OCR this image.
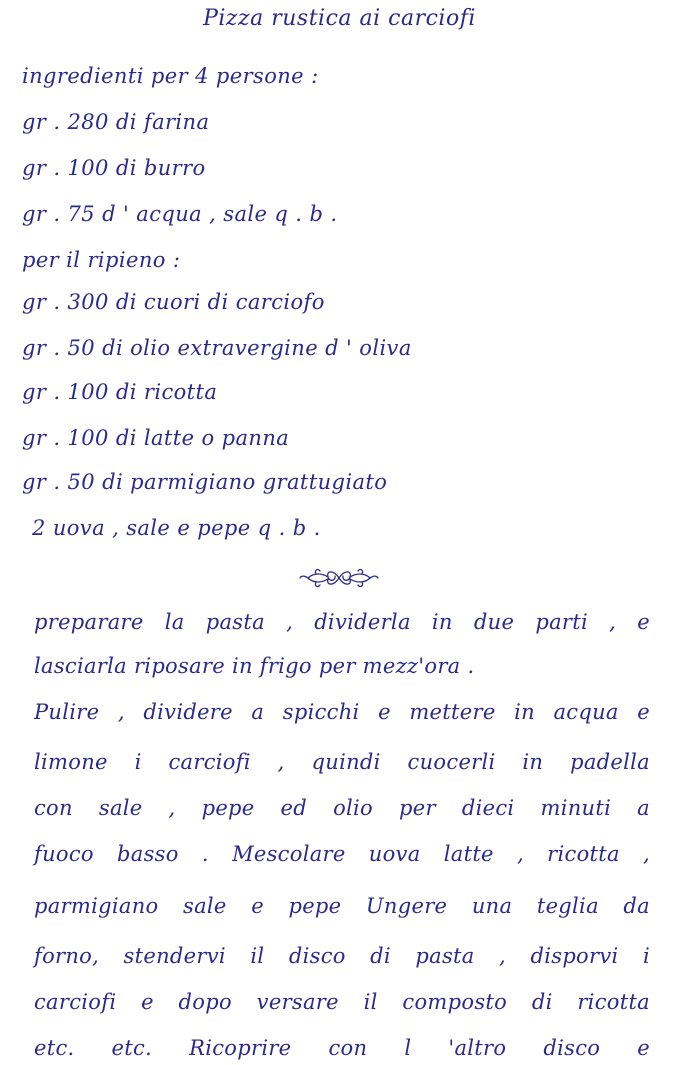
Pizza rustica ai carciofi
ingredienti per 4 persone :
gr . 280 di farina
gr . 100 di burro
gr . 75 d ' acqua , sale q . b .
per il ripieno :
gr . 300 di cuori di carciofo
gr . 50 di olio extravergine d ' oliva
gr . 100 di ricotta
gr . 100 di latte o panna
gr . 50 di parmigiano grattugiato
2 uova , sale e pepe q . b .
preparare la pasta , dividerla in due parti , e
lasciarla riposare in frigo per mezz'ora .
Pulire , dividere a spicchi e mettere in acqua e
limone i carciofi , quindi cuocerli in padella
con sale , pepe ed olio per dieci minuti a
fuoco basso . Mescolare uova latte , ricotta ,
parmigiano sale e pepe Ungere una teglia da
forno, stendervi il disco di pasta , disporvi i
carciofi e dopo versare il composto di ricotta
etc. etc. Ricoprire con l 'altro disco e
